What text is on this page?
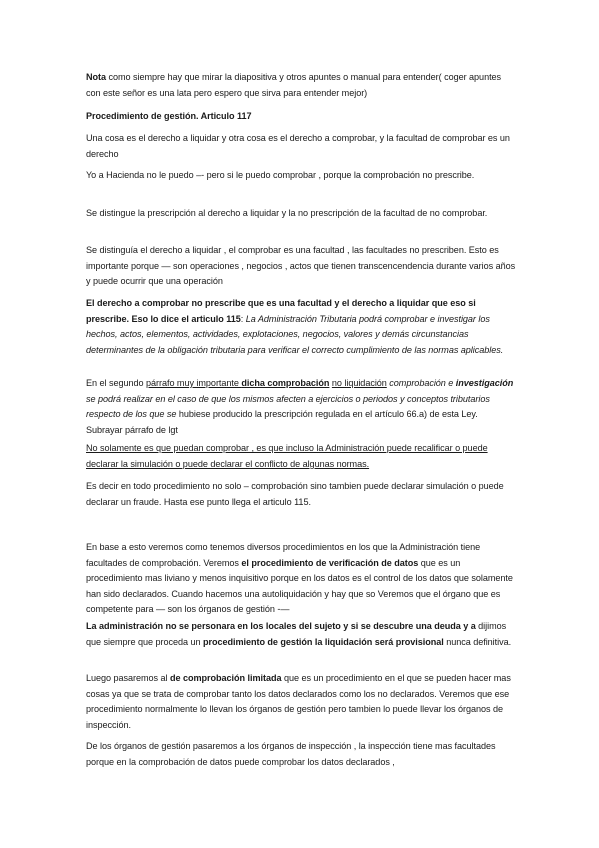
Nota como siempre hay que mirar la diapositiva y otros apuntes o manual para entender( coger apuntes con este señor es una lata pero espero que sirva para entender mejor)

Procedimiento de gestión. Articulo 117

Una cosa es el derecho a liquidar y otra cosa es el derecho a comprobar, y la facultad de comprobar es un derecho

Yo a Hacienda no le puedo –- pero si le puedo comprobar , porque la comprobación no prescribe.

Se distingue la prescripción al derecho a liquidar y la no prescripción de la facultad de no comprobar.

Se distinguía el derecho a liquidar , el comprobar es una facultad , las facultades no prescriben. Esto es importante porque — son operaciones , negocios , actos que tienen transcencendencia durante varios años y puede ocurrir que una operación

El derecho a comprobar no prescribe que es una facultad y el derecho a liquidar que eso si prescribe. Eso lo dice el articulo 115: La Administración Tributaria podrá comprobar e investigar los hechos, actos, elementos, actividades, explotaciones, negocios, valores y demás circunstancias determinantes de la obligación tributaria para verificar el correcto cumplimiento de las normas aplicables.

En el segundo párrafo muy importante dicha comprobación no liquidación comprobación e investigación se podrá realizar en el caso de que los mismos afecten a ejercicios o periodos y conceptos tributarios respecto de los que se hubiese producido la prescripción regulada en el artículo 66.a) de esta Ley. Subrayar párrafo de lgt

No solamente es que puedan comprobar , es que incluso la Administración puede recalificar o puede declarar la simulación o puede declarar el conflicto de algunas normas.

Es decir en todo procedimiento no solo – comprobación sino tambien puede declarar simulación o puede declarar un fraude. Hasta ese punto llega el articulo 115.

En base a esto veremos como tenemos diversos procedimientos en los que la Administración tiene facultades de comprobación. Veremos el procedimiento de verificación de datos que es un procedimiento mas liviano y menos inquisitivo porque en los datos es el control de los datos que solamente han sido declarados. Cuando hacemos una autoliquidación y hay que so Veremos que el órgano que es competente para — son los órganos de gestión -—

La administración no se personara en los locales del sujeto y si se descubre una deuda y a dijimos que siempre que proceda un procedimiento de gestión la liquidación será provisional nunca definitiva.

Luego pasaremos al de comprobación limitada que es un procedimiento en el que se pueden hacer mas cosas ya que se trata de comprobar tanto los datos declarados como los no declarados. Veremos que ese procedimiento normalmente lo llevan los órganos de gestión pero tambien lo puede llevar los órganos de inspección.

De los órganos de gestión pasaremos a los órganos de inspección , la inspección tiene mas facultades porque en la comprobación de datos puede comprobar los datos declarados ,
